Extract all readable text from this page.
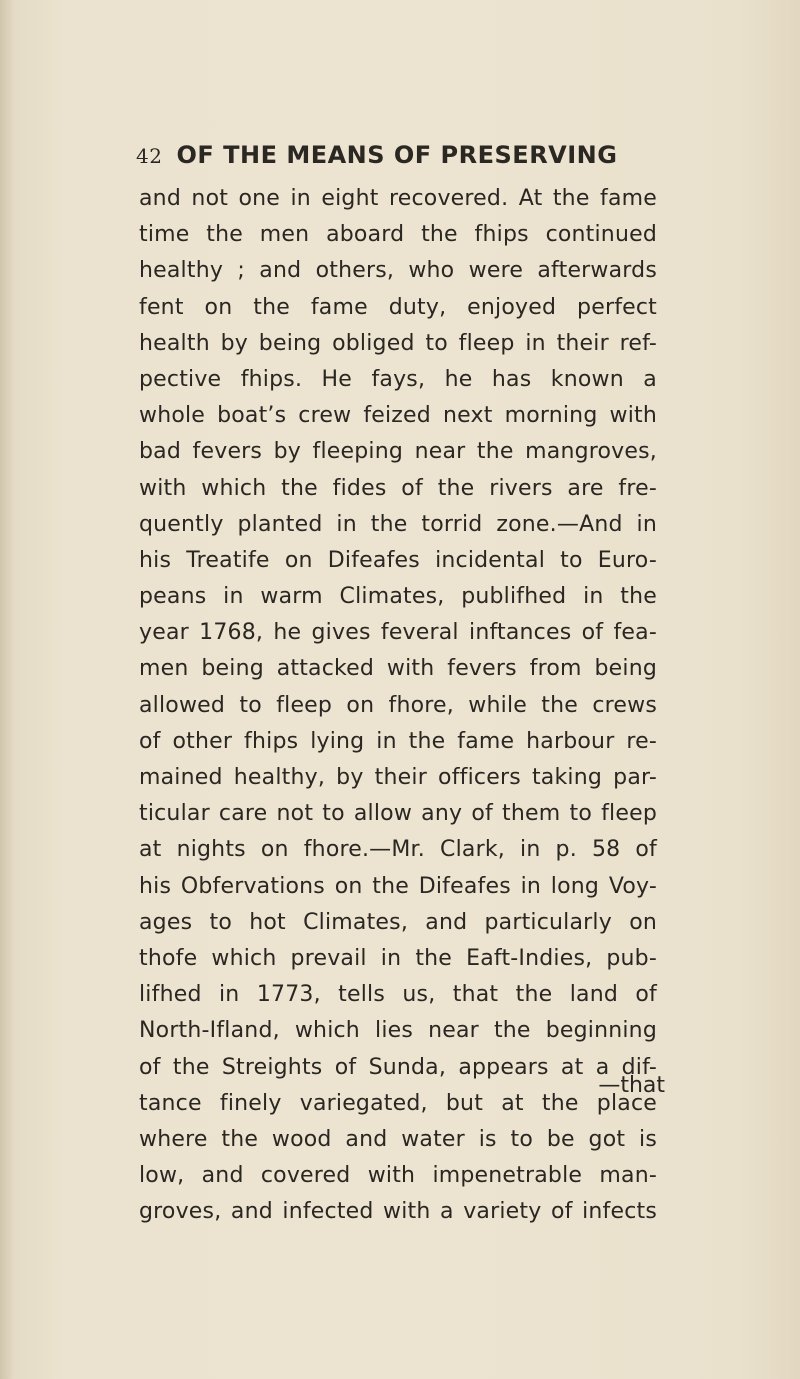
42 OF THE MEANS OF PRESERVING
and not one in eight recovered. At the fame
time the men aboard the fhips continued
healthy ; and others, who were afterwards
fent on the fame duty, enjoyed perfect
health by being obliged to fleep in their ref-
pective fhips. He fays, he has known a
whole boat’s crew feized next morning with
bad fevers by fleeping near the mangroves,
with which the fides of the rivers are fre-
quently planted in the torrid zone.—And in
his Treatife on Difeafes incidental to Euro-
peans in warm Climates, publifhed in the
year 1768, he gives feveral inftances of fea-
men being attacked with fevers from being
allowed to fleep on fhore, while the crews
of other fhips lying in the fame harbour re-
mained healthy, by their officers taking par-
ticular care not to allow any of them to fleep
at nights on fhore.—Mr. Clark, in p. 58 of
his Obfervations on the Difeafes in long Voy-
ages to hot Climates, and particularly on
thofe which prevail in the Eaft-Indies, pub-
lifhed in 1773, tells us, that the land of
North-Ifland, which lies near the beginning
of the Streights of Sunda, appears at a dif-
tance finely variegated, but at the place
where the wood and water is to be got is
low, and covered with impenetrable man-
groves, and infected with a variety of infects
—that
